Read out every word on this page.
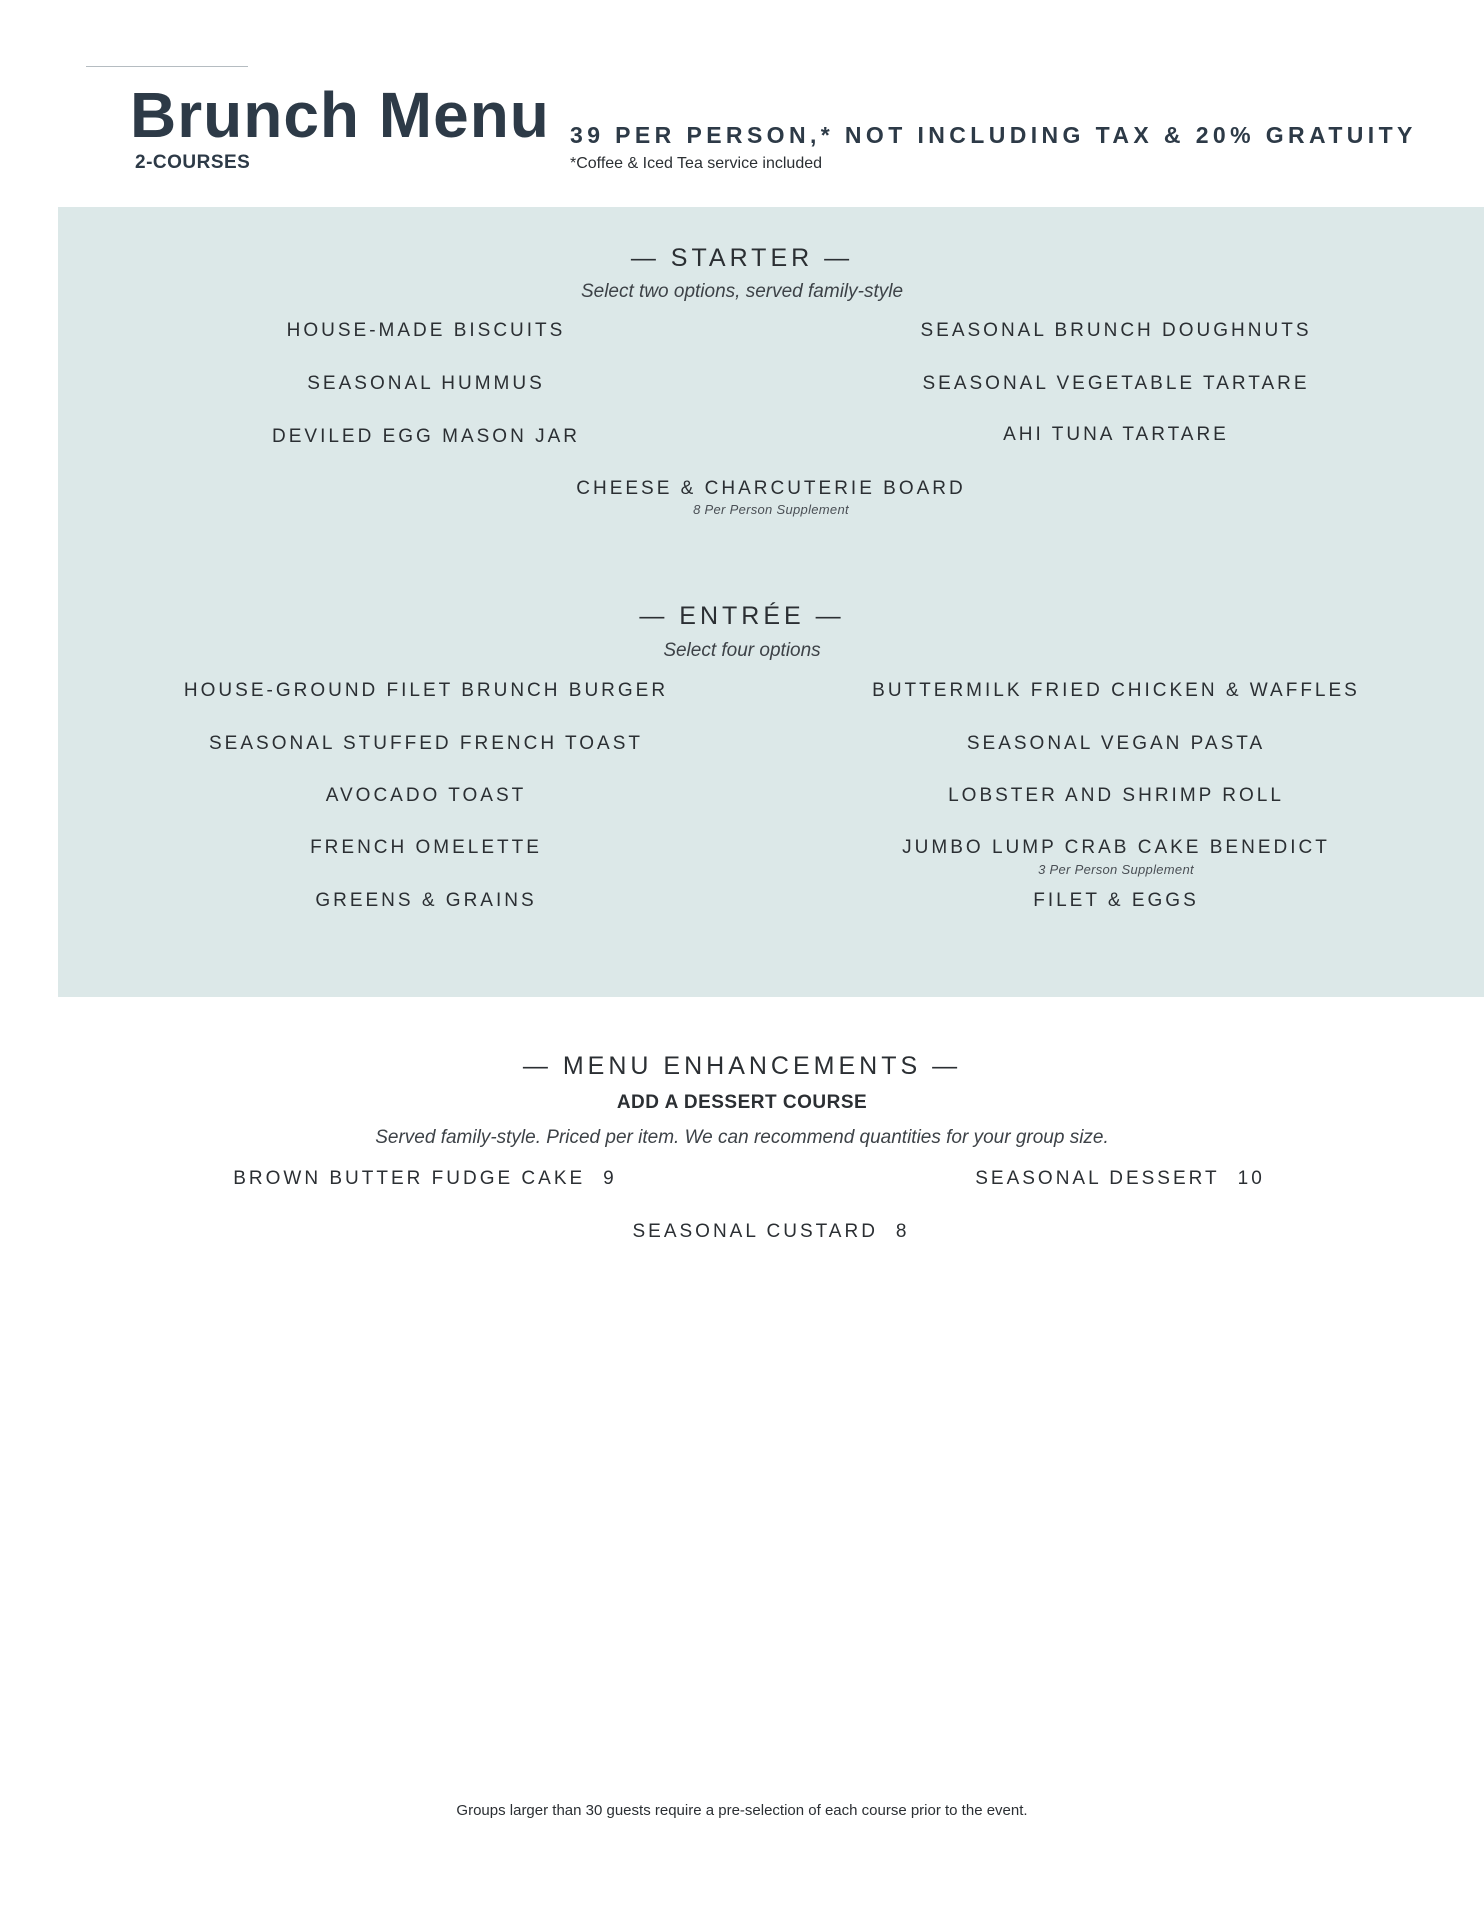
Brunch Menu
2-COURSES
39 PER PERSON,* NOT INCLUDING TAX & 20% GRATUITY
*Coffee & Iced Tea service included
— STARTER —
Select two options, served family-style
HOUSE-MADE BISCUITS	SEASONAL BRUNCH DOUGHNUTS
SEASONAL HUMMUS	SEASONAL VEGETABLE TARTARE
DEVILED EGG MASON JAR	AHI TUNA TARTARE
CHEESE & CHARCUTERIE BOARD
8 Per Person Supplement
— ENTRÉE —
Select four options
HOUSE-GROUND FILET BRUNCH BURGER	BUTTERMILK FRIED CHICKEN & WAFFLES
SEASONAL STUFFED FRENCH TOAST	SEASONAL VEGAN PASTA
AVOCADO TOAST	LOBSTER AND SHRIMP ROLL
FRENCH OMELETTE	JUMBO LUMP CRAB CAKE BENEDICT
3 Per Person Supplement
GREENS & GRAINS	FILET & EGGS
— MENU ENHANCEMENTS —
ADD A DESSERT COURSE
Served family-style. Priced per item. We can recommend quantities for your group size.
BROWN BUTTER FUDGE CAKE 9	SEASONAL DESSERT 10
SEASONAL CUSTARD 8
Groups larger than 30 guests require a pre-selection of each course prior to the event.
